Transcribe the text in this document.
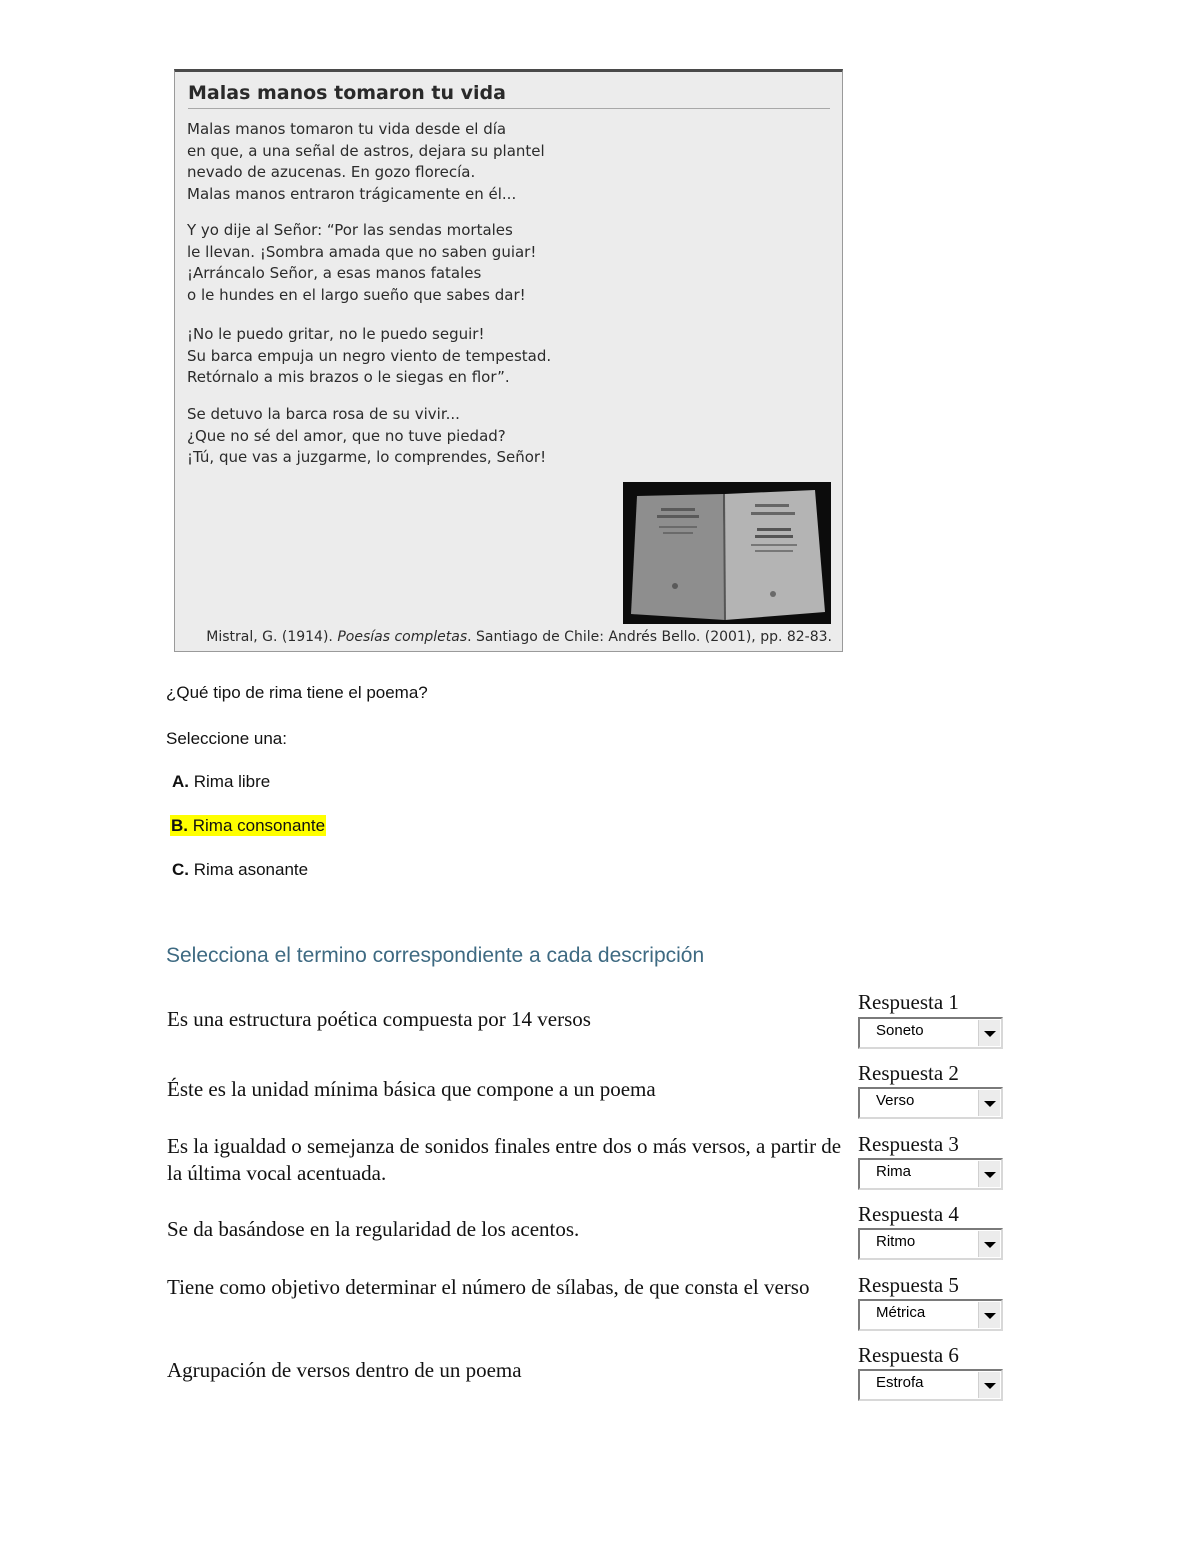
Malas manos tomaron tu vida
Malas manos tomaron tu vida desde el día
en que, a una señal de astros, dejara su plantel
nevado de azucenas. En gozo florecía.
Malas manos entraron trágicamente en él...
Y yo dije al Señor: “Por las sendas mortales
le llevan. ¡Sombra amada que no saben guiar!
¡Arráncalo Señor, a esas manos fatales
o le hundes en el largo sueño que sabes dar!
¡No le puedo gritar, no le puedo seguir!
Su barca empuja un negro viento de tempestad.
Retórnalo a mis brazos o le siegas en flor”.
Se detuvo la barca rosa de su vivir...
¿Que no sé del amor, que no tuve piedad?
¡Tú, que vas a juzgarme, lo comprendes, Señor!
Mistral, G. (1914). Poesías completas. Santiago de Chile: Andrés Bello. (2001), pp. 82-83.
¿Qué tipo de rima tiene el poema?
Seleccione una:
A. Rima libre
B. Rima consonante
C. Rima asonante
Selecciona el termino correspondiente a cada descripción
Es una estructura poética compuesta por 14 versos
Respuesta 1
Soneto
Éste es la unidad mínima básica que compone a un poema
Respuesta 2
Verso
Es la igualdad o semejanza de sonidos finales entre dos o más versos, a partir de la última vocal acentuada.
Respuesta 3
Rima
Se da basándose en la regularidad de los acentos.
Respuesta 4
Ritmo
Tiene como objetivo determinar el número de sílabas, de que consta el verso	Respuesta 5
Métrica
Agrupación de versos dentro de un poema
Respuesta 6
Estrofa
